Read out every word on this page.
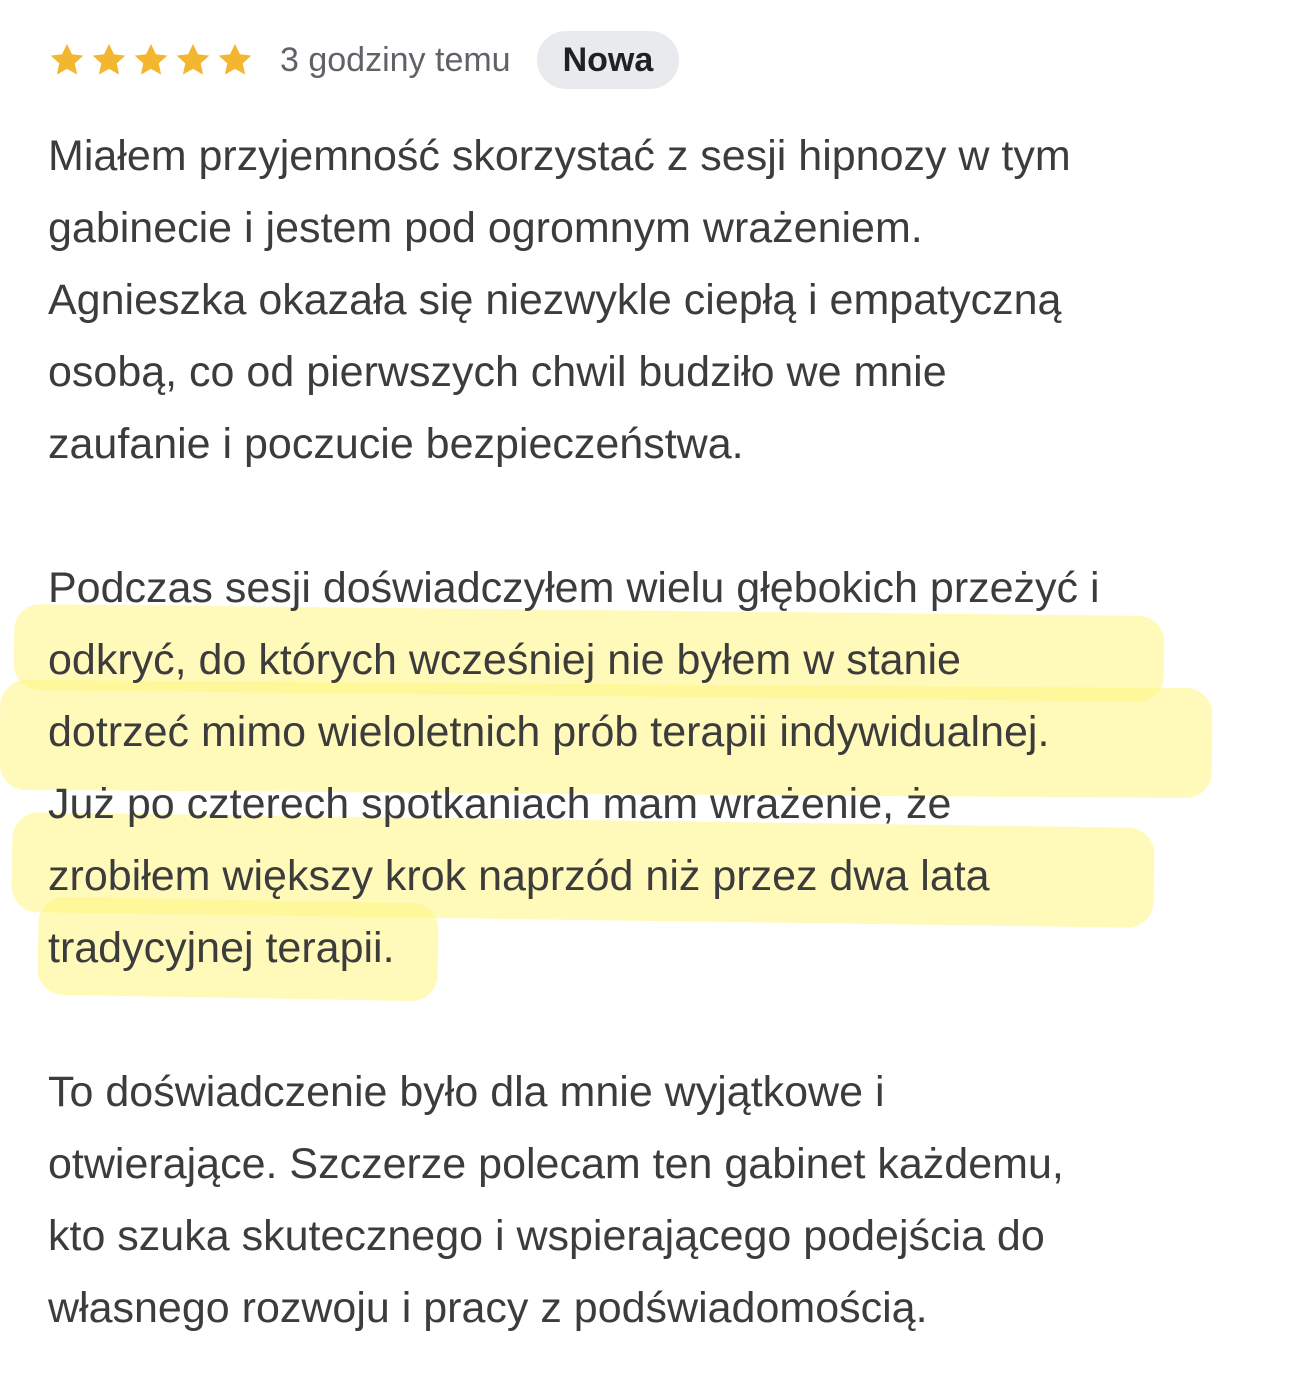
3 godziny temu	Nowa
Miałem przyjemność skorzystać z sesji hipnozy w tym
gabinecie i jestem pod ogromnym wrażeniem.
Agnieszka okazała się niezwykle ciepłą i empatyczną
osobą, co od pierwszych chwil budziło we mnie
zaufanie i poczucie bezpieczeństwa.
Podczas sesji doświadczyłem wielu głębokich przeżyć i
odkryć, do których wcześniej nie byłem w stanie
dotrzeć mimo wieloletnich prób terapii indywidualnej.
Już po czterech spotkaniach mam wrażenie, że
zrobiłem większy krok naprzód niż przez dwa lata
tradycyjnej terapii.
To doświadczenie było dla mnie wyjątkowe i
otwierające. Szczerze polecam ten gabinet każdemu,
kto szuka skutecznego i wspierającego podejścia do
własnego rozwoju i pracy z podświadomością.
